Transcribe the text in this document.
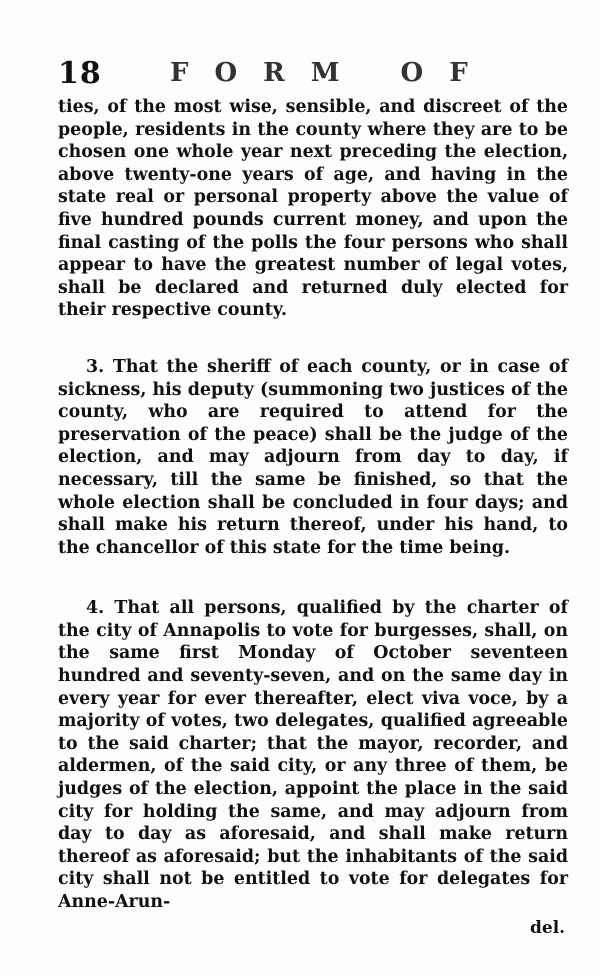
18	FORM OF

ties, of the most wise, sensible, and discreet of the people, residents in the county where they are to be chosen one whole year next preceding the election, above twenty-one years of age, and having in the state real or personal property above the value of five hundred pounds current money, and upon the final casting of the polls the four persons who shall appear to have the greatest number of legal votes, shall be declared and returned duly elected for their respective county.

3. That the sheriff of each county, or in case of sickness, his deputy (summoning two justices of the county, who are required to attend for the preservation of the peace) shall be the judge of the election, and may adjourn from day to day, if necessary, till the same be finished, so that the whole election shall be concluded in four days; and shall make his return thereof, under his hand, to the chancellor of this state for the time being.

4. That all persons, qualified by the charter of the city of Annapolis to vote for burgesses, shall, on the same first Monday of October seventeen hundred and seventy-seven, and on the same day in every year for ever thereafter, elect viva voce, by a majority of votes, two delegates, qualified agreeable to the said charter; that the mayor, recorder, and aldermen, of the said city, or any three of them, be judges of the election, appoint the place in the said city for holding the same, and may adjourn from day to day as aforesaid, and shall make return thereof as aforesaid; but the inhabitants of the said city shall not be entitled to vote for delegates for Anne-Arun-

del.
